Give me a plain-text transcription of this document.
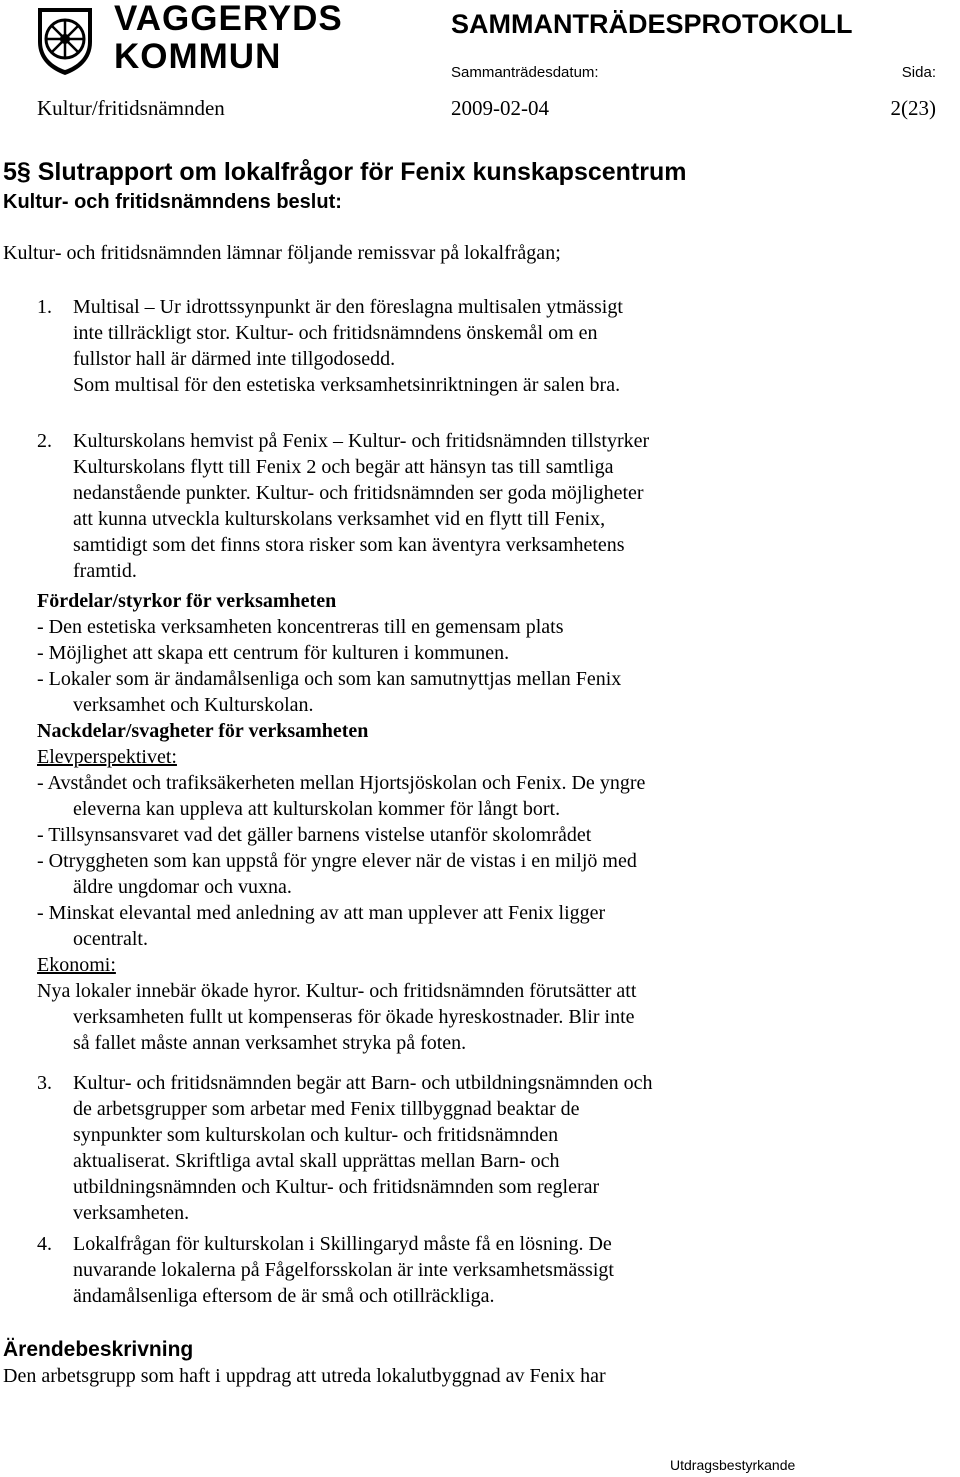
VAGGERYDS
KOMMUN
SAMMANTRÄDESPROTOKOLL
Sammanträdesdatum:	Sida:
Kultur/fritidsnämnden	2009-02-04	2(23)
5§ Slutrapport om lokalfrågor för Fenix kunskapscentrum
Kultur- och fritidsnämndens beslut:
Kultur- och fritidsnämnden lämnar följande remissvar på lokalfrågan;
1. Multisal – Ur idrottssynpunkt är den föreslagna multisalen ytmässigt
inte tillräckligt stor. Kultur- och fritidsnämndens önskemål om en
fullstor hall är därmed inte tillgodosedd.
Som multisal för den estetiska verksamhetsinriktningen är salen bra.
2. Kulturskolans hemvist på Fenix – Kultur- och fritidsnämnden tillstyrker
Kulturskolans flytt till Fenix 2 och begär att hänsyn tas till samtliga
nedanstående punkter. Kultur- och fritidsnämnden ser goda möjligheter
att kunna utveckla kulturskolans verksamhet vid en flytt till Fenix,
samtidigt som det finns stora risker som kan äventyra verksamhetens
framtid.
Fördelar/styrkor för verksamheten
- Den estetiska verksamheten koncentreras till en gemensam plats
- Möjlighet att skapa ett centrum för kulturen i kommunen.
- Lokaler som är ändamålsenliga och som kan samutnyttjas mellan Fenix
verksamhet och Kulturskolan.
Nackdelar/svagheter för verksamheten
Elevperspektivet:
- Avståndet och trafiksäkerheten mellan Hjortsjöskolan och Fenix. De yngre
eleverna kan uppleva att kulturskolan kommer för långt bort.
- Tillsynsansvaret vad det gäller barnens vistelse utanför skolområdet
- Otryggheten som kan uppstå för yngre elever när de vistas i en miljö med
äldre ungdomar och vuxna.
- Minskat elevantal med anledning av att man upplever att Fenix ligger
ocentralt.
Ekonomi:
Nya lokaler innebär ökade hyror. Kultur- och fritidsnämnden förutsätter att
verksamheten fullt ut kompenseras för ökade hyreskostnader. Blir inte
så fallet måste annan verksamhet stryka på foten.
3. Kultur- och fritidsnämnden begär att Barn- och utbildningsnämnden och
de arbetsgrupper som arbetar med Fenix tillbyggnad beaktar de
synpunkter som kulturskolan och kultur- och fritidsnämnden
aktualiserat. Skriftliga avtal skall upprättas mellan Barn- och
utbildningsnämnden och Kultur- och fritidsnämnden som reglerar
verksamheten.
4. Lokalfrågan för kulturskolan i Skillingaryd måste få en lösning. De
nuvarande lokalerna på Fågelforsskolan är inte verksamhetsmässigt
ändamålsenliga eftersom de är små och otillräckliga.
Ärendebeskrivning
Den arbetsgrupp som haft i uppdrag att utreda lokalutbyggnad av Fenix har
Utdragsbestyrkande
